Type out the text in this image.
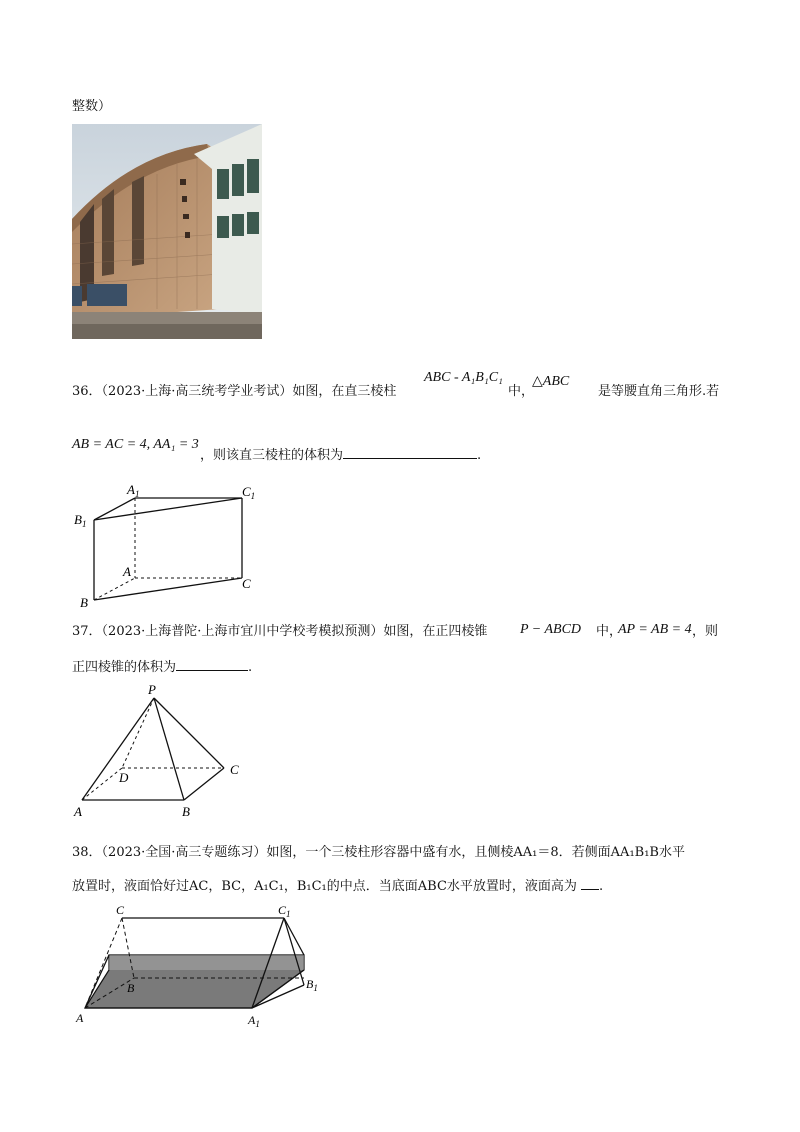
整数）
36．（2023·上海·高三统考学业考试）如图，在直三棱柱
ABC - A₁B₁C₁
中，
△ABC
是等腰直角三角形.若
AB = AC = 4, AA₁ = 3
，则该直三棱柱的体积为	.
$A_1$	$C_1$
$B_1$
A
C
B
37．（2023·上海普陀·上海市宜川中学校考模拟预测）如图，在正四棱锥 P − ABCD 中，
AP = AB = 4 ，则
正四棱锥的体积为	.
P
D
C
A	B
38．（2023·全国·高三专题练习）如图，一个三棱柱形容器中盛有水，且侧棱AA₁＝8．若侧面AA₁B₁B水平
放置时，液面恰好过AC，BC，A₁C₁，B₁C₁的中点．当底面ABC水平放置时，液面高为 .
C	$C_1$
B	$B_1$
A	$A_1$
